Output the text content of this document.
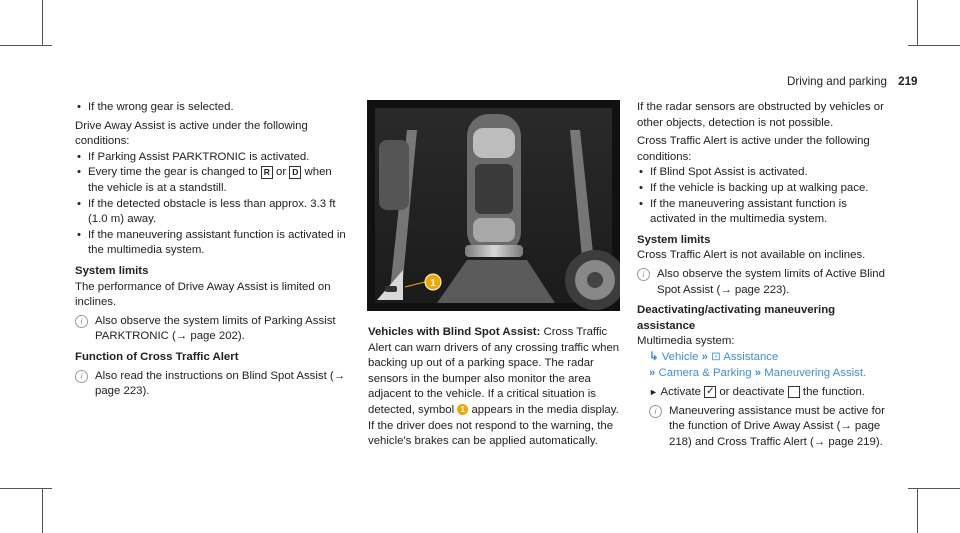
Driving and parking 219

• If the wrong gear is selected.

Drive Away Assist is active under the following conditions:

• If Parking Assist PARKTRONIC is activated.

• Every time the gear is changed to R or D when the vehicle is at a standstill.

• If the detected obstacle is less than approx. 3.3 ft (1.0 m) away.

• If the maneuvering assistant function is activated in the multimedia system.

System limits

The performance of Drive Away Assist is limited on inclines.

i	Also observe the system limits of Parking Assist PARKTRONIC (→ page 202).

Function of Cross Traffic Alert

i	Also read the instructions on Blind Spot Assist (→ page 223).

1

Vehicles with Blind Spot Assist: Cross Traffic Alert can warn drivers of any crossing traffic when backing up out of a parking space. The radar sensors in the bumper also monitor the area adjacent to the vehicle. If a critical situation is detected, symbol 1 appears in the media display. If the driver does not respond to the warning, the vehicle's brakes can be applied automatically.

If the radar sensors are obstructed by vehicles or other objects, detection is not possible.

Cross Traffic Alert is active under the following conditions:

• If Blind Spot Assist is activated.

• If the vehicle is backing up at walking pace.

• If the maneuvering assistant function is activated in the multimedia system.

System limits

Cross Traffic Alert is not available on inclines.

i	Also observe the system limits of Active Blind Spot Assist (→ page 223).

Deactivating/activating maneuvering assistance

Multimedia system:

↳ Vehicle » ⊡ Assistance

» Camera & Parking » Maneuvering Assist.

► Activate ✓ or deactivate the function.

i	Maneuvering assistance must be active for the function of Drive Away Assist (→ page 218) and Cross Traffic Alert (→ page 219).
